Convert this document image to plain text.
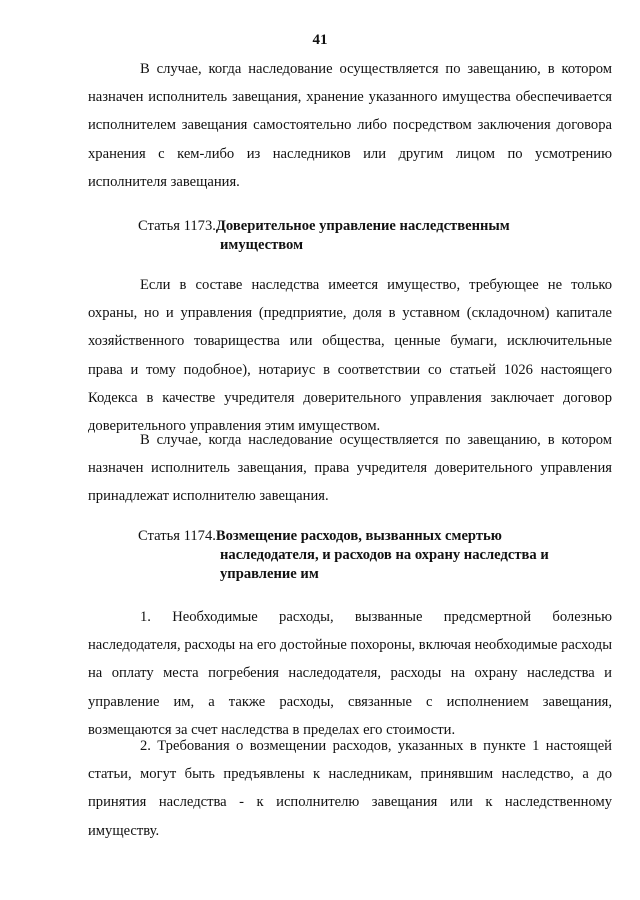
41

В случае, когда наследование осуществляется по завещанию, в котором назначен исполнитель завещания, хранение указанного имущества обеспечивается исполнителем завещания самостоятельно либо посредством заключения договора хранения с кем-либо из наследников или другим лицом по усмотрению исполнителя завещания.

Статья 1173. Доверительное управление наследственным
имуществом

Если в составе наследства имеется имущество, требующее не только охраны, но и управления (предприятие, доля в уставном (складочном) капитале хозяйственного товарищества или общества, ценные бумаги, исключительные права и тому подобное), нотариус в соответствии со статьей 1026 настоящего Кодекса в качестве учредителя доверительного управления заключает договор доверительного управления этим имуществом.

В случае, когда наследование осуществляется по завещанию, в котором назначен исполнитель завещания, права учредителя доверительного управления принадлежат исполнителю завещания.

Статья 1174. Возмещение расходов, вызванных смертью
наследодателя, и расходов на охрану наследства и
управление им

1. Необходимые расходы, вызванные предсмертной болезнью наследодателя, расходы на его достойные похороны, включая необходимые расходы на оплату места погребения наследодателя, расходы на охрану наследства и управление им, а также расходы, связанные с исполнением завещания, возмещаются за счет наследства в пределах его стоимости.

2. Требования о возмещении расходов, указанных в пункте 1 настоящей статьи, могут быть предъявлены к наследникам, принявшим наследство, а до принятия наследства - к исполнителю завещания или к наследственному имуществу.
